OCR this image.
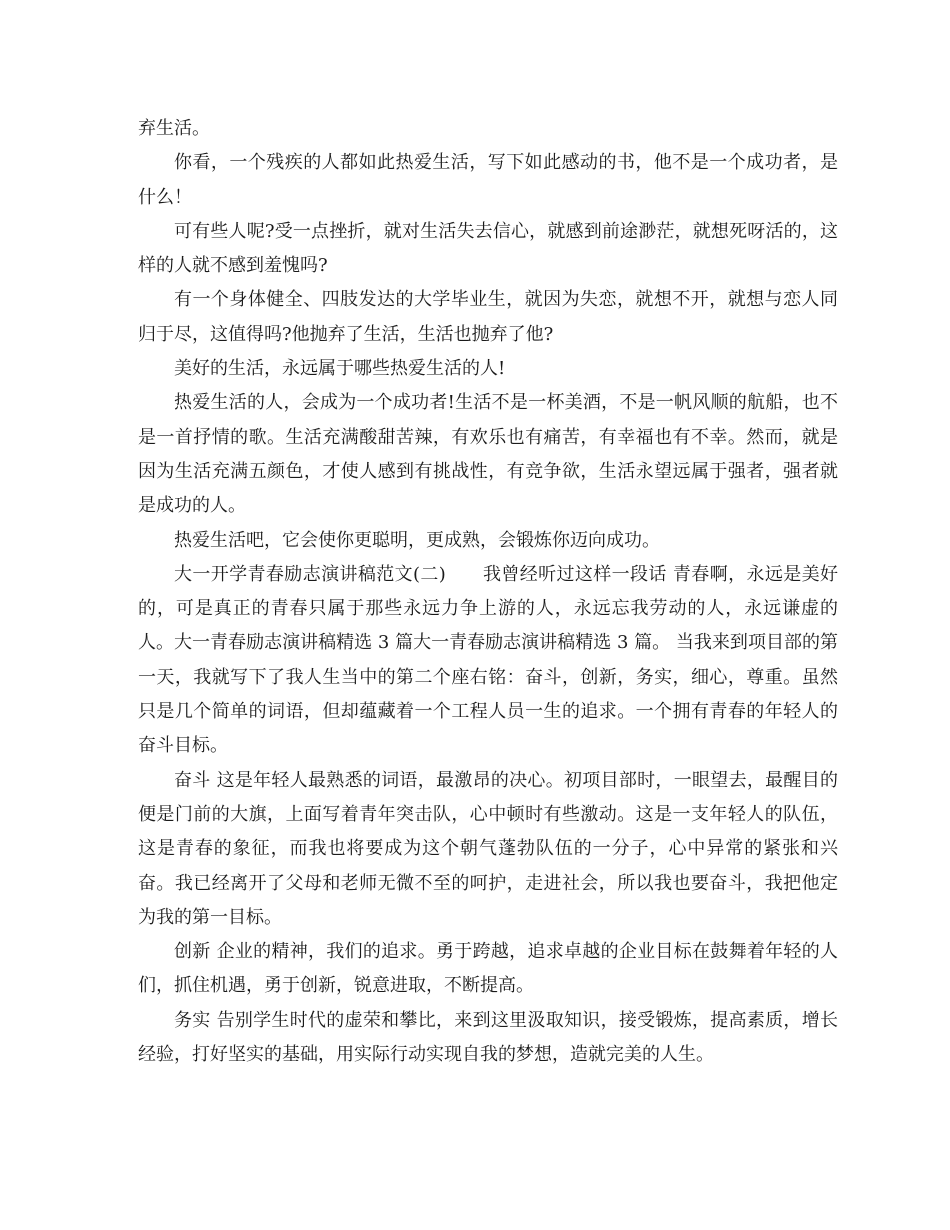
弃生活。

你看，一个残疾的人都如此热爱生活，写下如此感动的书，他不是一个成功者，是什么！

可有些人呢?受一点挫折，就对生活失去信心，就感到前途渺茫，就想死呀活的，这样的人就不感到羞愧吗?

有一个身体健全、四肢发达的大学毕业生，就因为失恋，就想不开，就想与恋人同归于尽，这值得吗?他抛弃了生活，生活也抛弃了他?

美好的生活，永远属于哪些热爱生活的人!

热爱生活的人，会成为一个成功者!生活不是一杯美酒，不是一帆风顺的航船，也不是一首抒情的歌。生活充满酸甜苦辣，有欢乐也有痛苦，有幸福也有不幸。然而，就是因为生活充满五颜色，才使人感到有挑战性，有竞争欲，生活永望远属于强者，强者就是成功的人。

热爱生活吧，它会使你更聪明，更成熟，会锻炼你迈向成功。

大一开学青春励志演讲稿范文(二)　　我曾经听过这样一段话 青春啊，永远是美好的，可是真正的青春只属于那些永远力争上游的人，永远忘我劳动的人，永远谦虚的人。大一青春励志演讲稿精选 3 篇大一青春励志演讲稿精选 3 篇。 当我来到项目部的第一天，我就写下了我人生当中的第二个座右铭：奋斗，创新，务实，细心，尊重。虽然只是几个简单的词语，但却蕴藏着一个工程人员一生的追求。一个拥有青春的年轻人的奋斗目标。

奋斗 这是年轻人最熟悉的词语，最激昂的决心。初项目部时，一眼望去，最醒目的便是门前的大旗，上面写着青年突击队，心中顿时有些激动。这是一支年轻人的队伍，这是青春的象征，而我也将要成为这个朝气蓬勃队伍的一分子，心中异常的紧张和兴奋。我已经离开了父母和老师无微不至的呵护，走进社会，所以我也要奋斗，我把他定为我的第一目标。

创新 企业的精神，我们的追求。勇于跨越，追求卓越的企业目标在鼓舞着年轻的人们，抓住机遇，勇于创新，锐意进取，不断提高。

务实 告别学生时代的虚荣和攀比，来到这里汲取知识，接受锻炼，提高素质，增长经验，打好坚实的基础，用实际行动实现自我的梦想，造就完美的人生。
